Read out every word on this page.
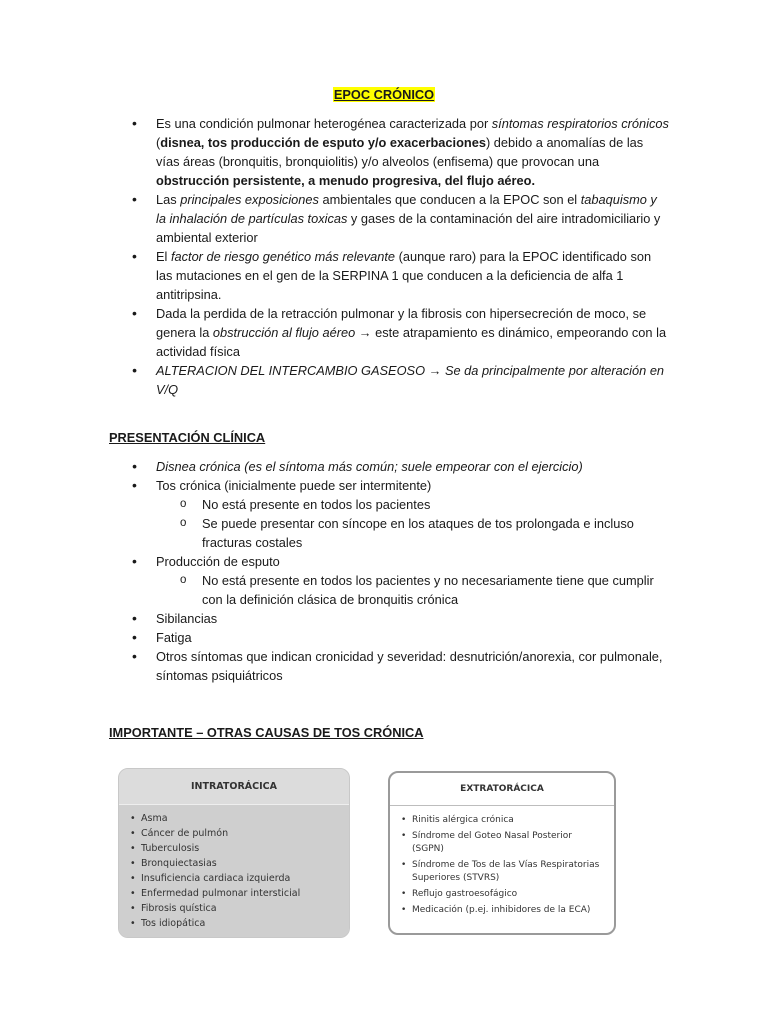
EPOC CRÓNICO
• Es una condición pulmonar heterogénea caracterizada por síntomas respiratorios crónicos (disnea, tos producción de esputo y/o exacerbaciones) debido a anomalías de las vías áreas (bronquitis, bronquiolitis) y/o alveolos (enfisema) que provocan una obstrucción persistente, a menudo progresiva, del flujo aéreo.
• Las principales exposiciones ambientales que conducen a la EPOC son el tabaquismo y la inhalación de partículas toxicas y gases de la contaminación del aire intradomiciliario y ambiental exterior
• El factor de riesgo genético más relevante (aunque raro) para la EPOC identificado son las mutaciones en el gen de la SERPINA 1 que conducen a la deficiencia de alfa 1 antitripsina.
• Dada la perdida de la retracción pulmonar y la fibrosis con hipersecreción de moco, se genera la obstrucción al flujo aéreo → este atrapamiento es dinámico, empeorando con la actividad física
• ALTERACION DEL INTERCAMBIO GASEOSO → Se da principalmente por alteración en V/Q
PRESENTACIÓN CLÍNICA
• Disnea crónica (es el síntoma más común; suele empeorar con el ejercicio)
• Tos crónica (inicialmente puede ser intermitente)
o No está presente en todos los pacientes
o Se puede presentar con síncope en los ataques de tos prolongada e incluso fracturas costales
• Producción de esputo
o No está presente en todos los pacientes y no necesariamente tiene que cumplir con la definición clásica de bronquitis crónica
• Sibilancias
• Fatiga
• Otros síntomas que indican cronicidad y severidad: desnutrición/anorexia, cor pulmonale, síntomas psiquiátricos
IMPORTANTE – OTRAS CAUSAS DE TOS CRÓNICA
INTRATORÁCICA
• Asma
• Cáncer de pulmón
• Tuberculosis
• Bronquiectasias
• Insuficiencia cardiaca izquierda
• Enfermedad pulmonar intersticial
• Fibrosis quística
• Tos idiopática
EXTRATORÁCICA
• Rinitis alérgica crónica
• Síndrome del Goteo Nasal Posterior (SGPN)
• Síndrome de Tos de las Vías Respiratorias Superiores (STVRS)
• Reflujo gastroesofágico
• Medicación (p.ej. inhibidores de la ECA)
